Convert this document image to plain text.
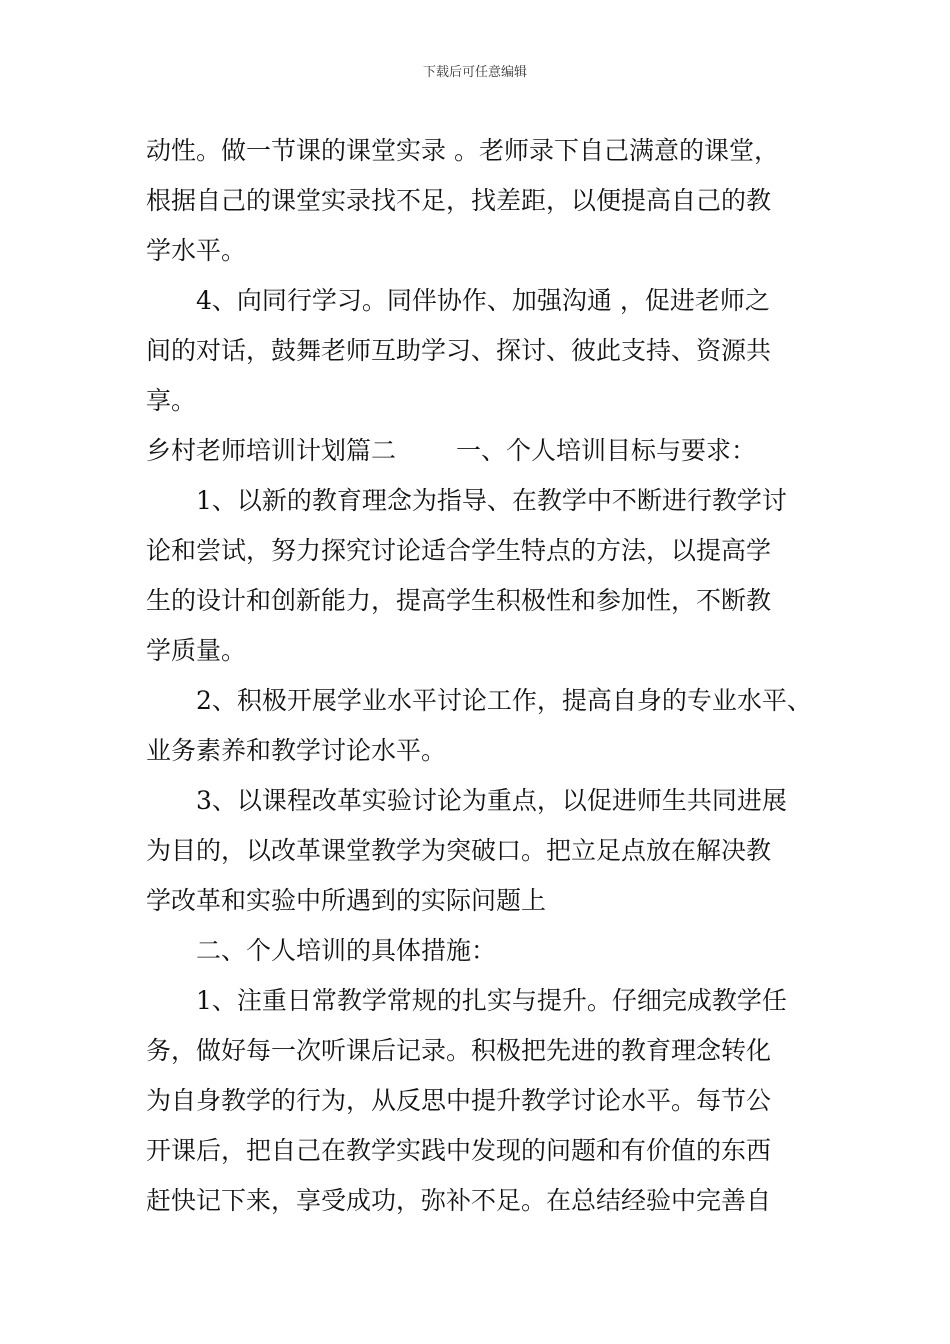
下载后可任意编辑
动性。做一节课的课堂实录 。老师录下自己满意的课堂，
根据自己的课堂实录找不足，找差距，以便提高自己的教
学水平。
4、向同行学习。同伴协作、加强沟通 ，促进老师之
间的对话，鼓舞老师互助学习、探讨、彼此支持、资源共
享。
乡村老师培训计划篇二 一、个人培训目标与要求：
1、以新的教育理念为指导、在教学中不断进行教学讨
论和尝试，努力探究讨论适合学生特点的方法，以提高学
生的设计和创新能力，提高学生积极性和参加性，不断教
学质量。
2、积极开展学业水平讨论工作，提高自身的专业水平、
业务素养和教学讨论水平。
3、以课程改革实验讨论为重点，以促进师生共同进展
为目的，以改革课堂教学为突破口。把立足点放在解决教
学改革和实验中所遇到的实际问题上
二、个人培训的具体措施：
1、注重日常教学常规的扎实与提升。仔细完成教学任
务，做好每一次听课后记录。积极把先进的教育理念转化
为自身教学的行为，从反思中提升教学讨论水平。每节公
开课后，把自己在教学实践中发现的问题和有价值的东西
赶快记下来，享受成功，弥补不足。在总结经验中完善自
